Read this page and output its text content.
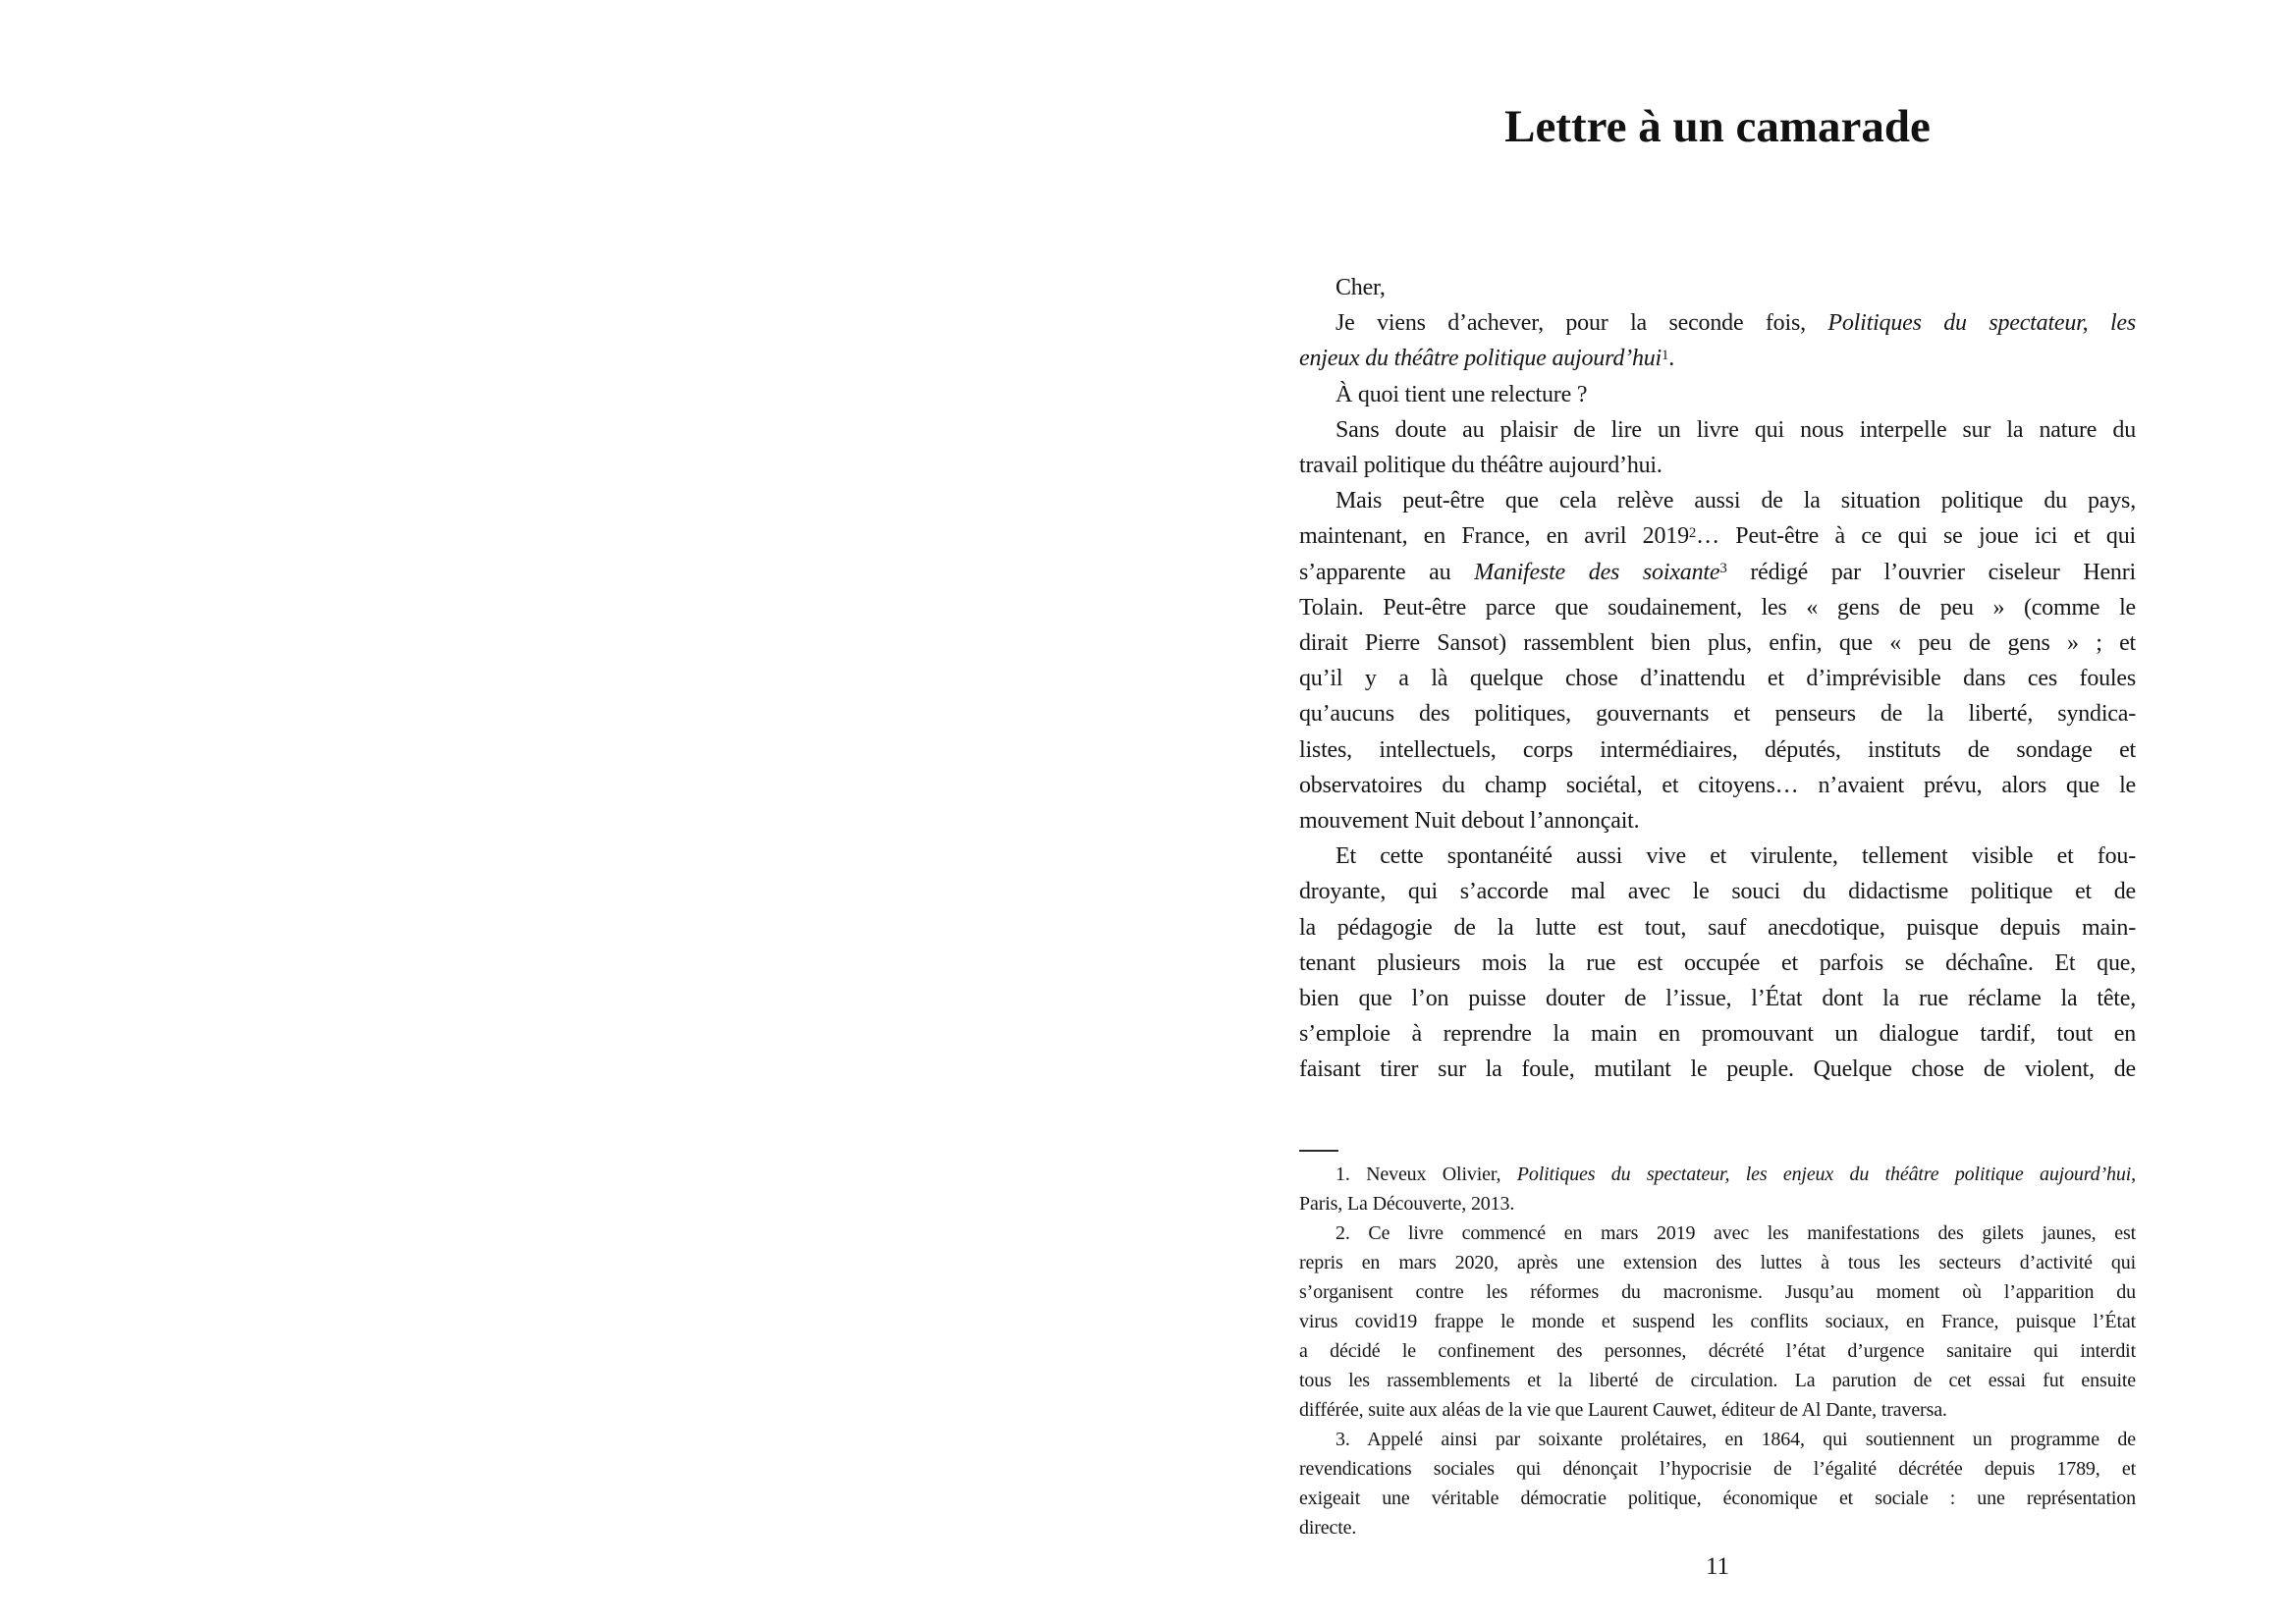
Lettre à un camarade
Cher,
Je viens d’achever, pour la seconde fois, Politiques du spectateur, les
enjeux du théâtre politique aujourd’hui$^1$.
À quoi tient une relecture ?
Sans doute au plaisir de lire un livre qui nous interpelle sur la nature du
travail politique du théâtre aujourd’hui.
Mais peut-être que cela relève aussi de la situation politique du pays,
maintenant, en France, en avril 2019$^2$… Peut-être à ce qui se joue ici et qui
s’apparente au Manifeste des soixante$^3$ rédigé par l’ouvrier ciseleur Henri
Tolain. Peut-être parce que soudainement, les « gens de peu » (comme le
dirait Pierre Sansot) rassemblent bien plus, enfin, que « peu de gens » ; et
qu’il y a là quelque chose d’inattendu et d’imprévisible dans ces foules
qu’aucuns des politiques, gouvernants et penseurs de la liberté, syndica-
listes, intellectuels, corps intermédiaires, députés, instituts de sondage et
observatoires du champ sociétal, et citoyens… n’avaient prévu, alors que le
mouvement Nuit debout l’annonçait.
Et cette spontanéité aussi vive et virulente, tellement visible et fou-
droyante, qui s’accorde mal avec le souci du didactisme politique et de
la pédagogie de la lutte est tout, sauf anecdotique, puisque depuis main-
tenant plusieurs mois la rue est occupée et parfois se déchaîne. Et que,
bien que l’on puisse douter de l’issue, l’État dont la rue réclame la tête,
s’emploie à reprendre la main en promouvant un dialogue tardif, tout en
faisant tirer sur la foule, mutilant le peuple. Quelque chose de violent, de
1. Neveux Olivier, Politiques du spectateur, les enjeux du théâtre politique aujourd’hui,
Paris, La Découverte, 2013.
2. Ce livre commencé en mars 2019 avec les manifestations des gilets jaunes, est
repris en mars 2020, après une extension des luttes à tous les secteurs d’activité qui
s’organisent contre les réformes du macronisme. Jusqu’au moment où l’apparition du
virus covid19 frappe le monde et suspend les conflits sociaux, en France, puisque l’État
a décidé le confinement des personnes, décrété l’état d’urgence sanitaire qui interdit
tous les rassemblements et la liberté de circulation. La parution de cet essai fut ensuite
différée, suite aux aléas de la vie que Laurent Cauwet, éditeur de Al Dante, traversa.
3. Appelé ainsi par soixante prolétaires, en 1864, qui soutiennent un programme de
revendications sociales qui dénonçait l’hypocrisie de l’égalité décrétée depuis 1789, et
exigeait une véritable démocratie politique, économique et sociale : une représentation
directe.
11
